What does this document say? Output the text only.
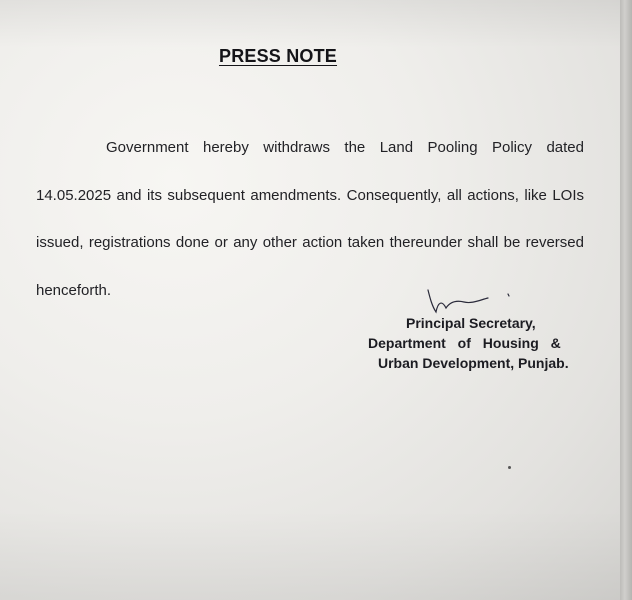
PRESS NOTE
Government hereby withdraws the Land Pooling Policy dated 14.05.2025 and its subsequent amendments. Consequently, all actions, like LOIs issued, registrations done or any other action taken thereunder shall be reversed henceforth.
Principal Secretary,
Department of Housing &
Urban Development, Punjab.
